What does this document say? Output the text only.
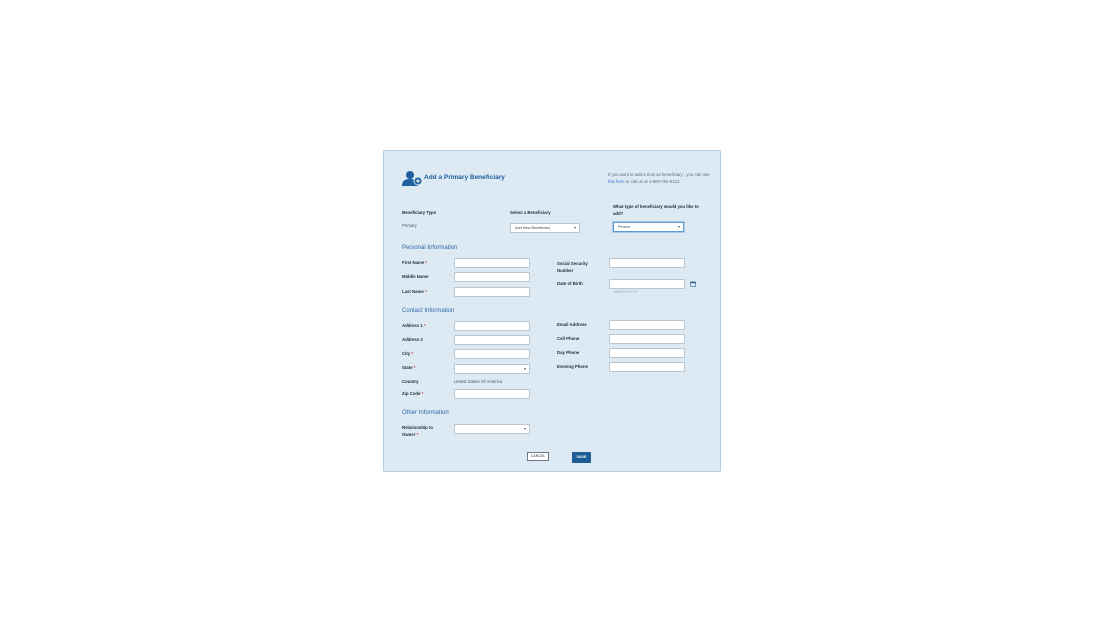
Add a Primary Beneficiary	If you want to add a trust as beneficiary , you can use this form or call us at 1-800-762-6212.
Beneficiary Type
Primary
Select a Beneficiary
Add New Beneficiary	▾
What type of beneficiary would you like to add?
Person	▾
Personal Information
First Name *
Middle Name
Last Name *
Social Security Number
Date of Birth
MM/DD/YYYY
Contact Information
Address 1 *
Address 2
City *
State *	▾
Country	United States Of America
Zip Code *
Email Address
Cell Phone
Day Phone
Evening Phone
Other Information
Relationship to Owner *
▾
CANCEL	SAVE
